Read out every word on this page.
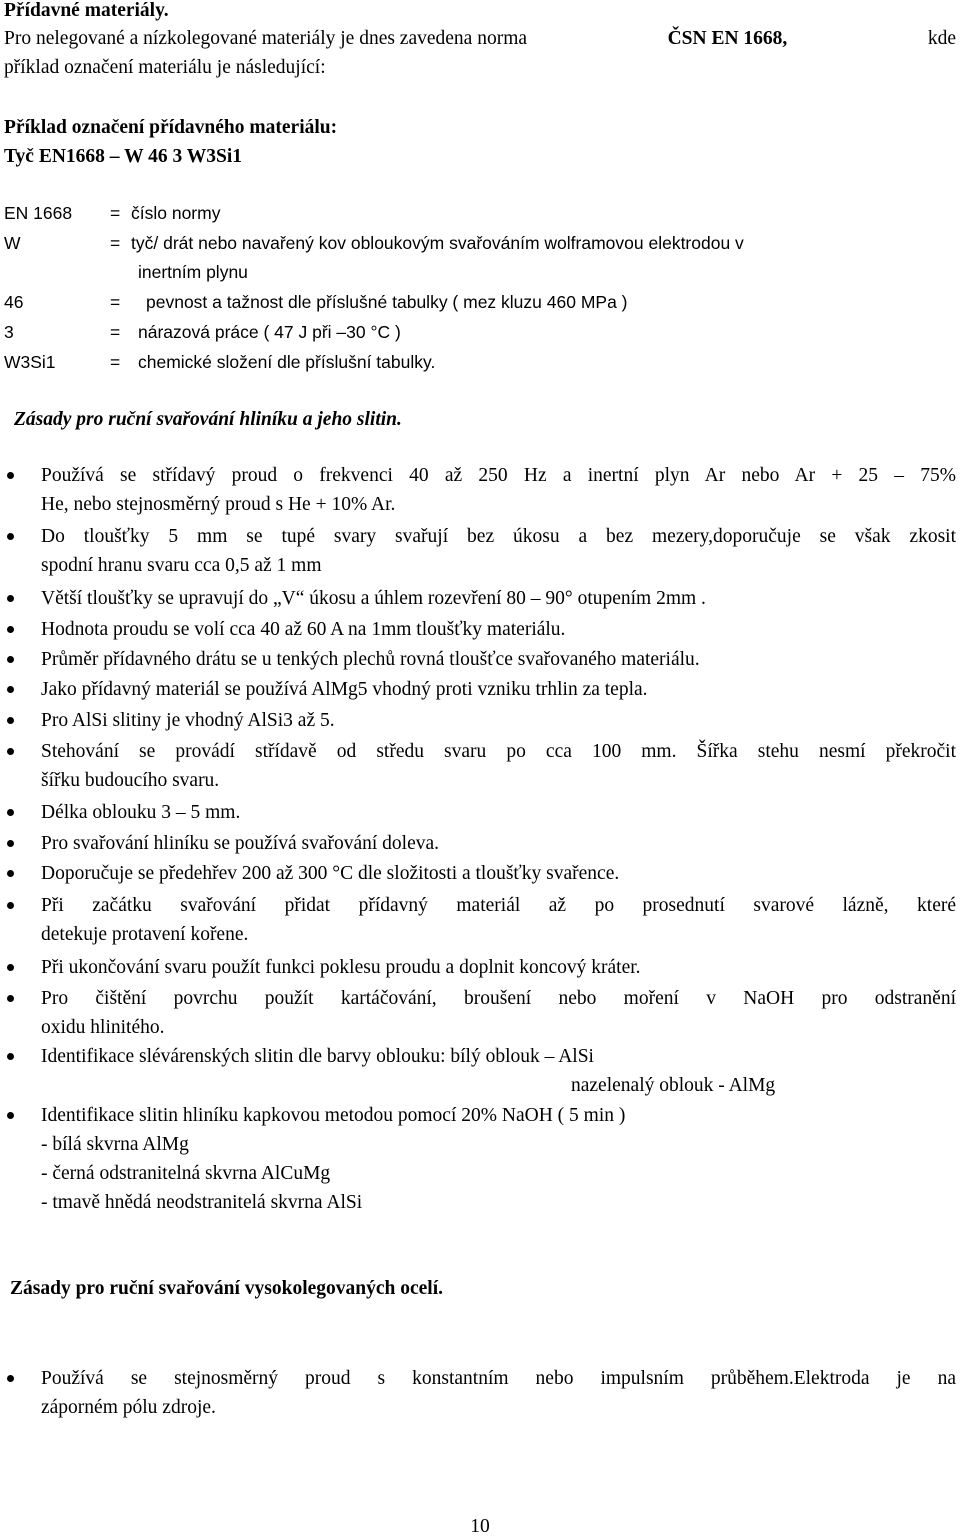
Přídavné materiály.
Pro nelegované a nízkolegované materiály je dnes zavedena norma	ČSN EN 1668,	kde
příklad označení materiálu je následující:
Příklad označení přídavného materiálu:
Tyč EN1668 – W 46 3 W3Si1
EN 1668 = číslo normy
W	= tyč/ drát nebo navařený kov obloukovým svařováním wolframovou elektrodou v
inertním plynu
46	= pevnost a tažnost dle příslušné tabulky ( mez kluzu 460 MPa )
3	= nárazová práce ( 47 J při –30 °C )
W3Si1	= chemické složení dle příslušní tabulky.
Zásady pro ruční svařování hliníku a jeho slitin.
Používá se střídavý proud o frekvenci 40 až 250 Hz a inertní plyn Ar nebo Ar + 25 – 75%
He, nebo stejnosměrný proud s He + 10% Ar.
Do tloušťky 5 mm se tupé svary svařují bez úkosu a bez mezery,doporučuje se však zkosit
spodní hranu svaru cca 0,5 až 1 mm
Větší tloušťky se upravují do „V“ úkosu a úhlem rozevření 80 – 90° otupením 2mm .
Hodnota proudu se volí cca 40 až 60 A na 1mm tloušťky materiálu.
Průměr přídavného drátu se u tenkých plechů rovná tloušťce svařovaného materiálu.
Jako přídavný materiál se používá AlMg5 vhodný proti vzniku trhlin za tepla.
Pro AlSi slitiny je vhodný AlSi3 až 5.
Stehování se provádí střídavě od středu svaru po cca 100 mm. Šířka stehu nesmí překročit
šířku budoucího svaru.
Délka oblouku 3 – 5 mm.
Pro svařování hliníku se používá svařování doleva.
Doporučuje se předehřev 200 až 300 °C dle složitosti a tloušťky svařence.
Při začátku svařování přidat přídavný materiál až po prosednutí svarové lázně, které
detekuje protavení kořene.
Při ukončování svaru použít funkci poklesu proudu a doplnit koncový kráter.
Pro čištění povrchu použít kartáčování, broušení nebo moření v NaOH pro odstranění
oxidu hlinitého.
Identifikace slévárenských slitin dle barvy oblouku: bílý oblouk – AlSi
nazelenalý oblouk - AlMg
Identifikace slitin hliníku kapkovou metodou pomocí 20% NaOH ( 5 min )
- bílá skvrna AlMg
- černá odstranitelná skvrna AlCuMg
- tmavě hnědá neodstranitelá skvrna AlSi
Zásady pro ruční svařování vysokolegovaných ocelí.
Používá se stejnosměrný proud s konstantním nebo impulsním průběhem.Elektroda je na
záporném pólu zdroje.
10
